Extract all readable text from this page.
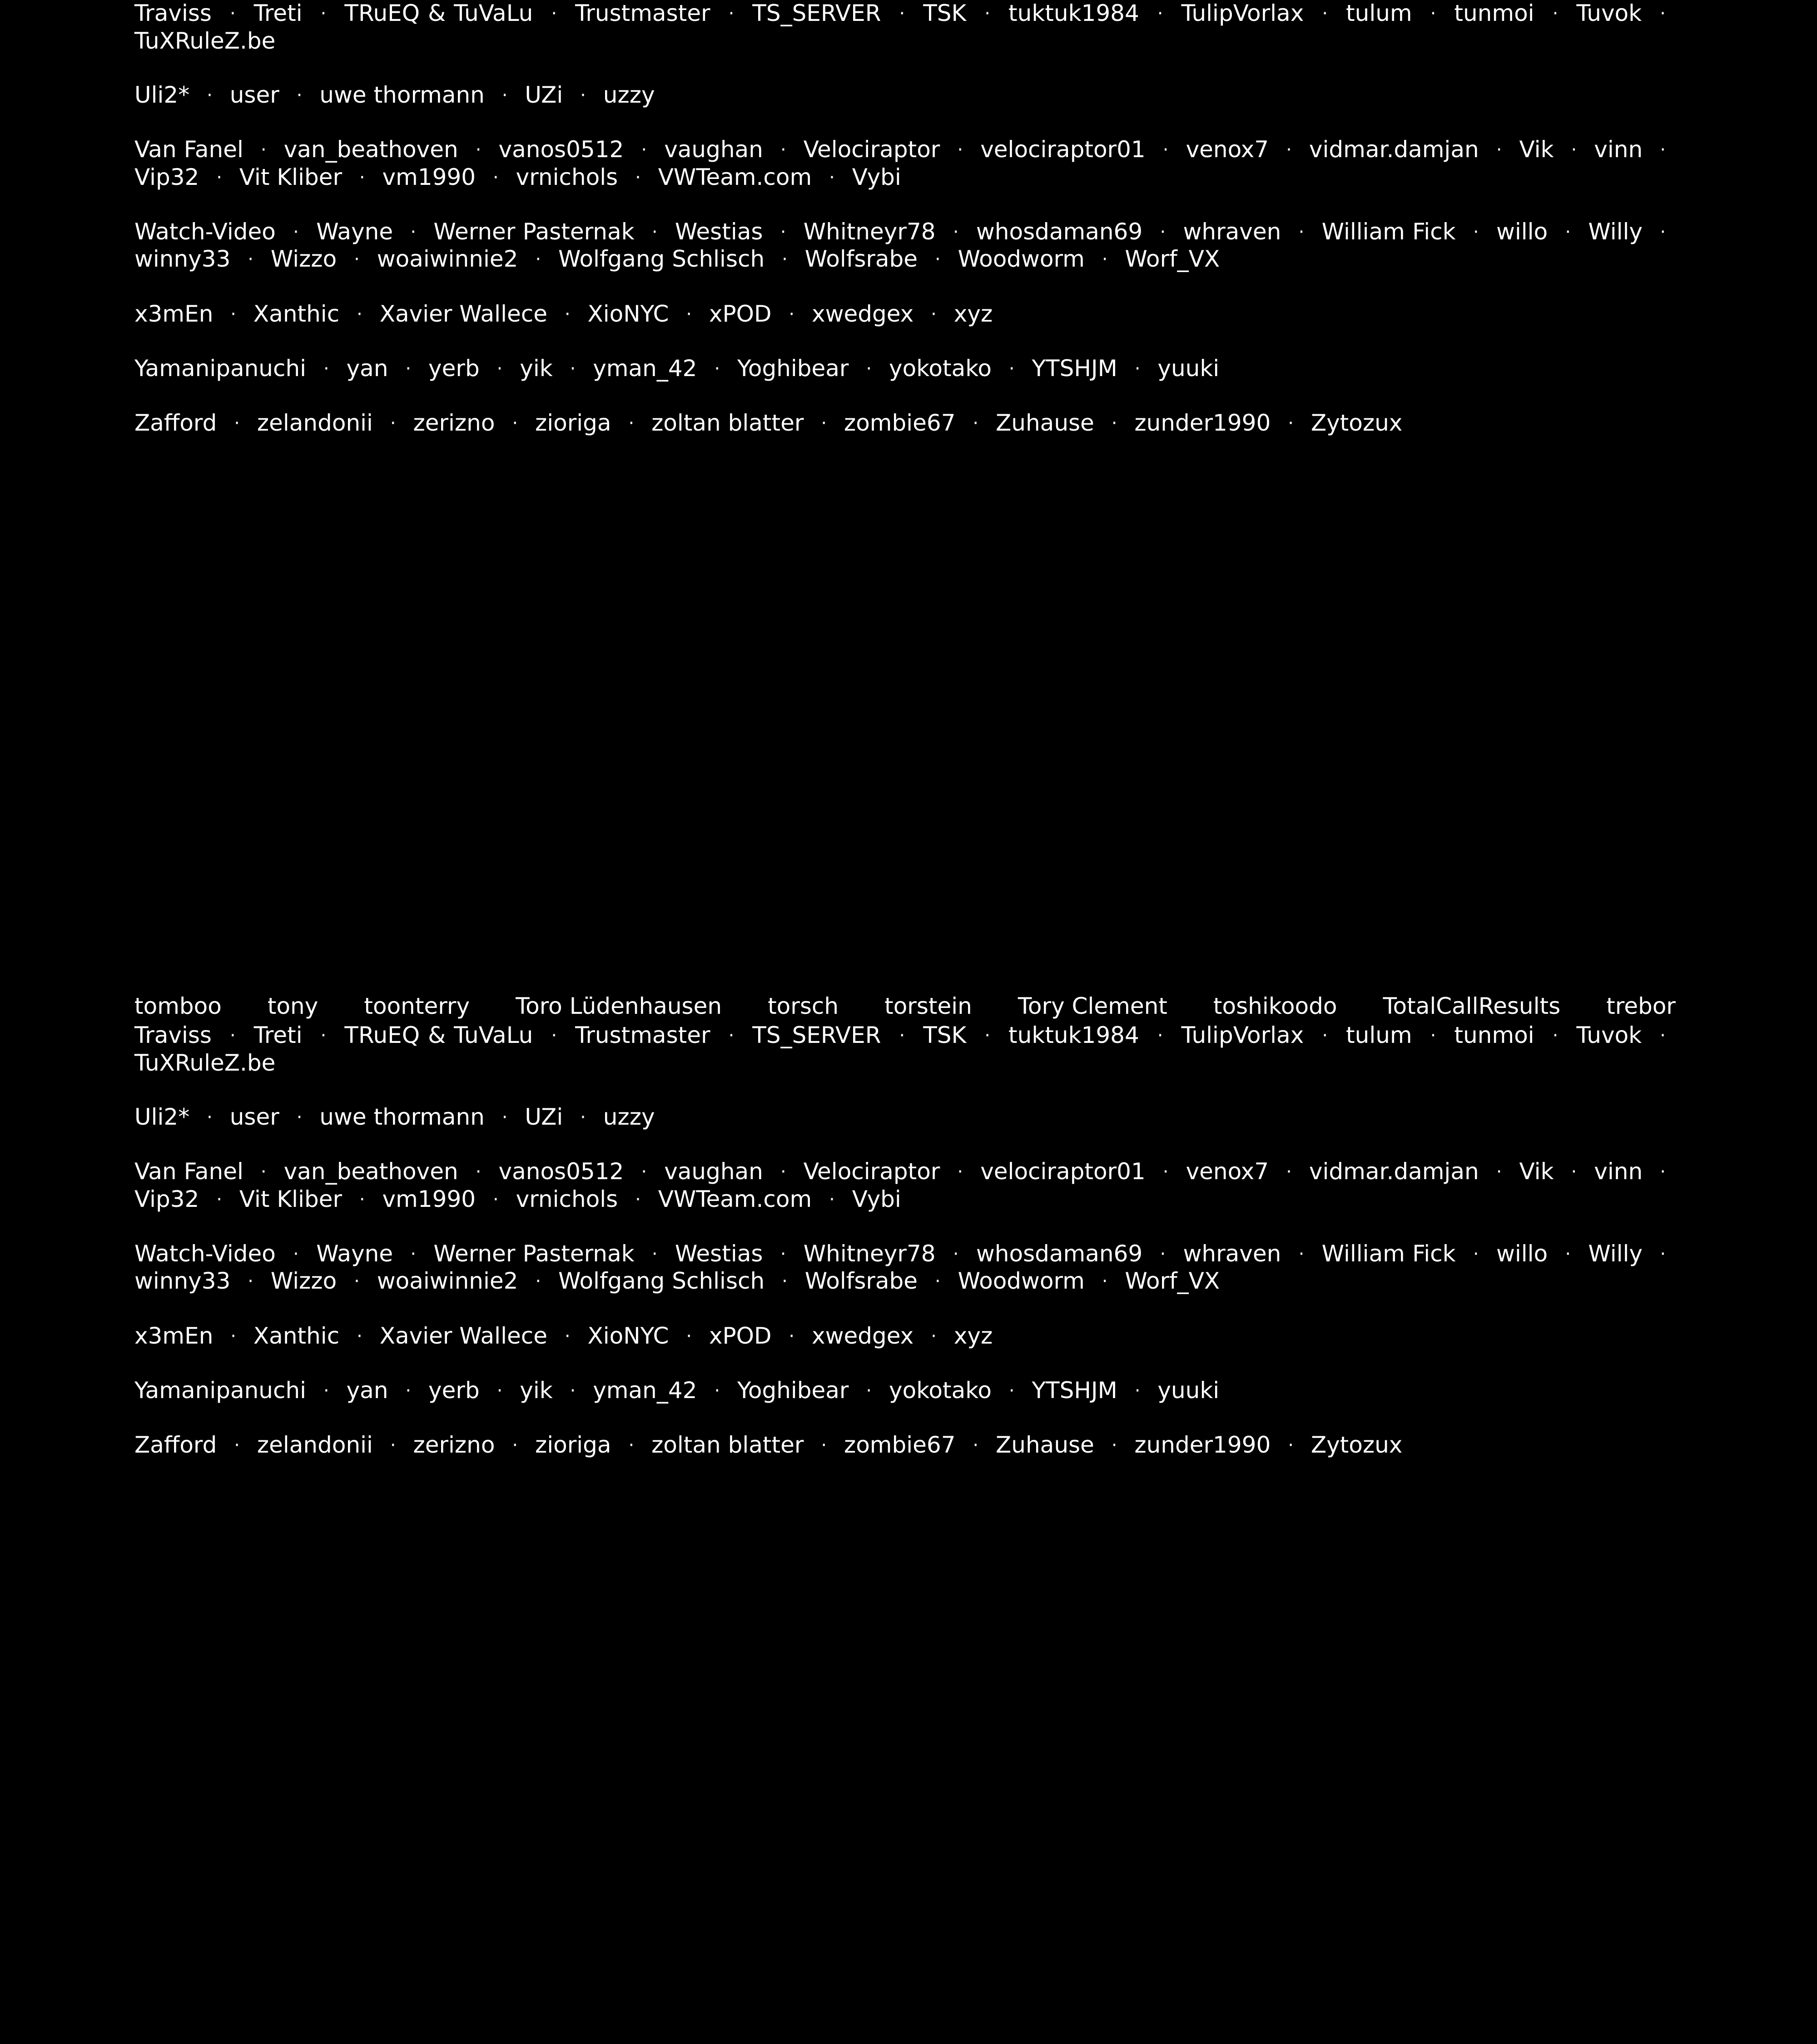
Traviss · Treti · TRuEQ & TuVaLu · Trustmaster · TS_SERVER · TSK · tuktuk1984 · TulipVorlax · tulum · tunmoi · Tuvok · TuXRuleZ.be
Uli2* · user · uwe thormann · UZi · uzzy
Van Fanel · van_beathoven · vanos0512 · vaughan · Velociraptor · velociraptor01 · venox7 · vidmar.damjan · Vik · vinn · Vip32 · Vit Kliber · vm1990 · vrnichols · VWTeam.com · Vybi
Watch-Video · Wayne · Werner Pasternak · Westias · Whitneyr78 · whosdaman69 · whraven · William Fick · willo · Willy · winny33 · Wizzo · woaiwinnie2 · Wolfgang Schlisch · Wolfsrabe · Woodworm · Worf_VX
x3mEn · Xanthic · Xavier Wallece · XioNYC · xPOD · xwedgex · xyz
Yamanipanuchi · yan · yerb · yik · yman_42 · Yoghibear · yokotako · YTSHJM · yuuki
Zafford · zelandonii · zerizno · zioriga · zoltan blatter · zombie67 · Zuhause · zunder1990 · Zytozux
tomboo tony toonterry Toro Lüdenhausen torsch torstein Tory Clement toshikoodo TotalCallResults trebor
Traviss · Treti · TRuEQ & TuVaLu · Trustmaster · TS_SERVER · TSK · tuktuk1984 · TulipVorlax · tulum · tunmoi · Tuvok · TuXRuleZ.be
Uli2* · user · uwe thormann · UZi · uzzy
Van Fanel · van_beathoven · vanos0512 · vaughan · Velociraptor · velociraptor01 · venox7 · vidmar.damjan · Vik · vinn · Vip32 · Vit Kliber · vm1990 · vrnichols · VWTeam.com · Vybi
Watch-Video · Wayne · Werner Pasternak · Westias · Whitneyr78 · whosdaman69 · whraven · William Fick · willo · Willy · winny33 · Wizzo · woaiwinnie2 · Wolfgang Schlisch · Wolfsrabe · Woodworm · Worf_VX
x3mEn · Xanthic · Xavier Wallece · XioNYC · xPOD · xwedgex · xyz
Yamanipanuchi · yan · yerb · yik · yman_42 · Yoghibear · yokotako · YTSHJM · yuuki
Zafford · zelandonii · zerizno · zioriga · zoltan blatter · zombie67 · Zuhause · zunder1990 · Zytozux
